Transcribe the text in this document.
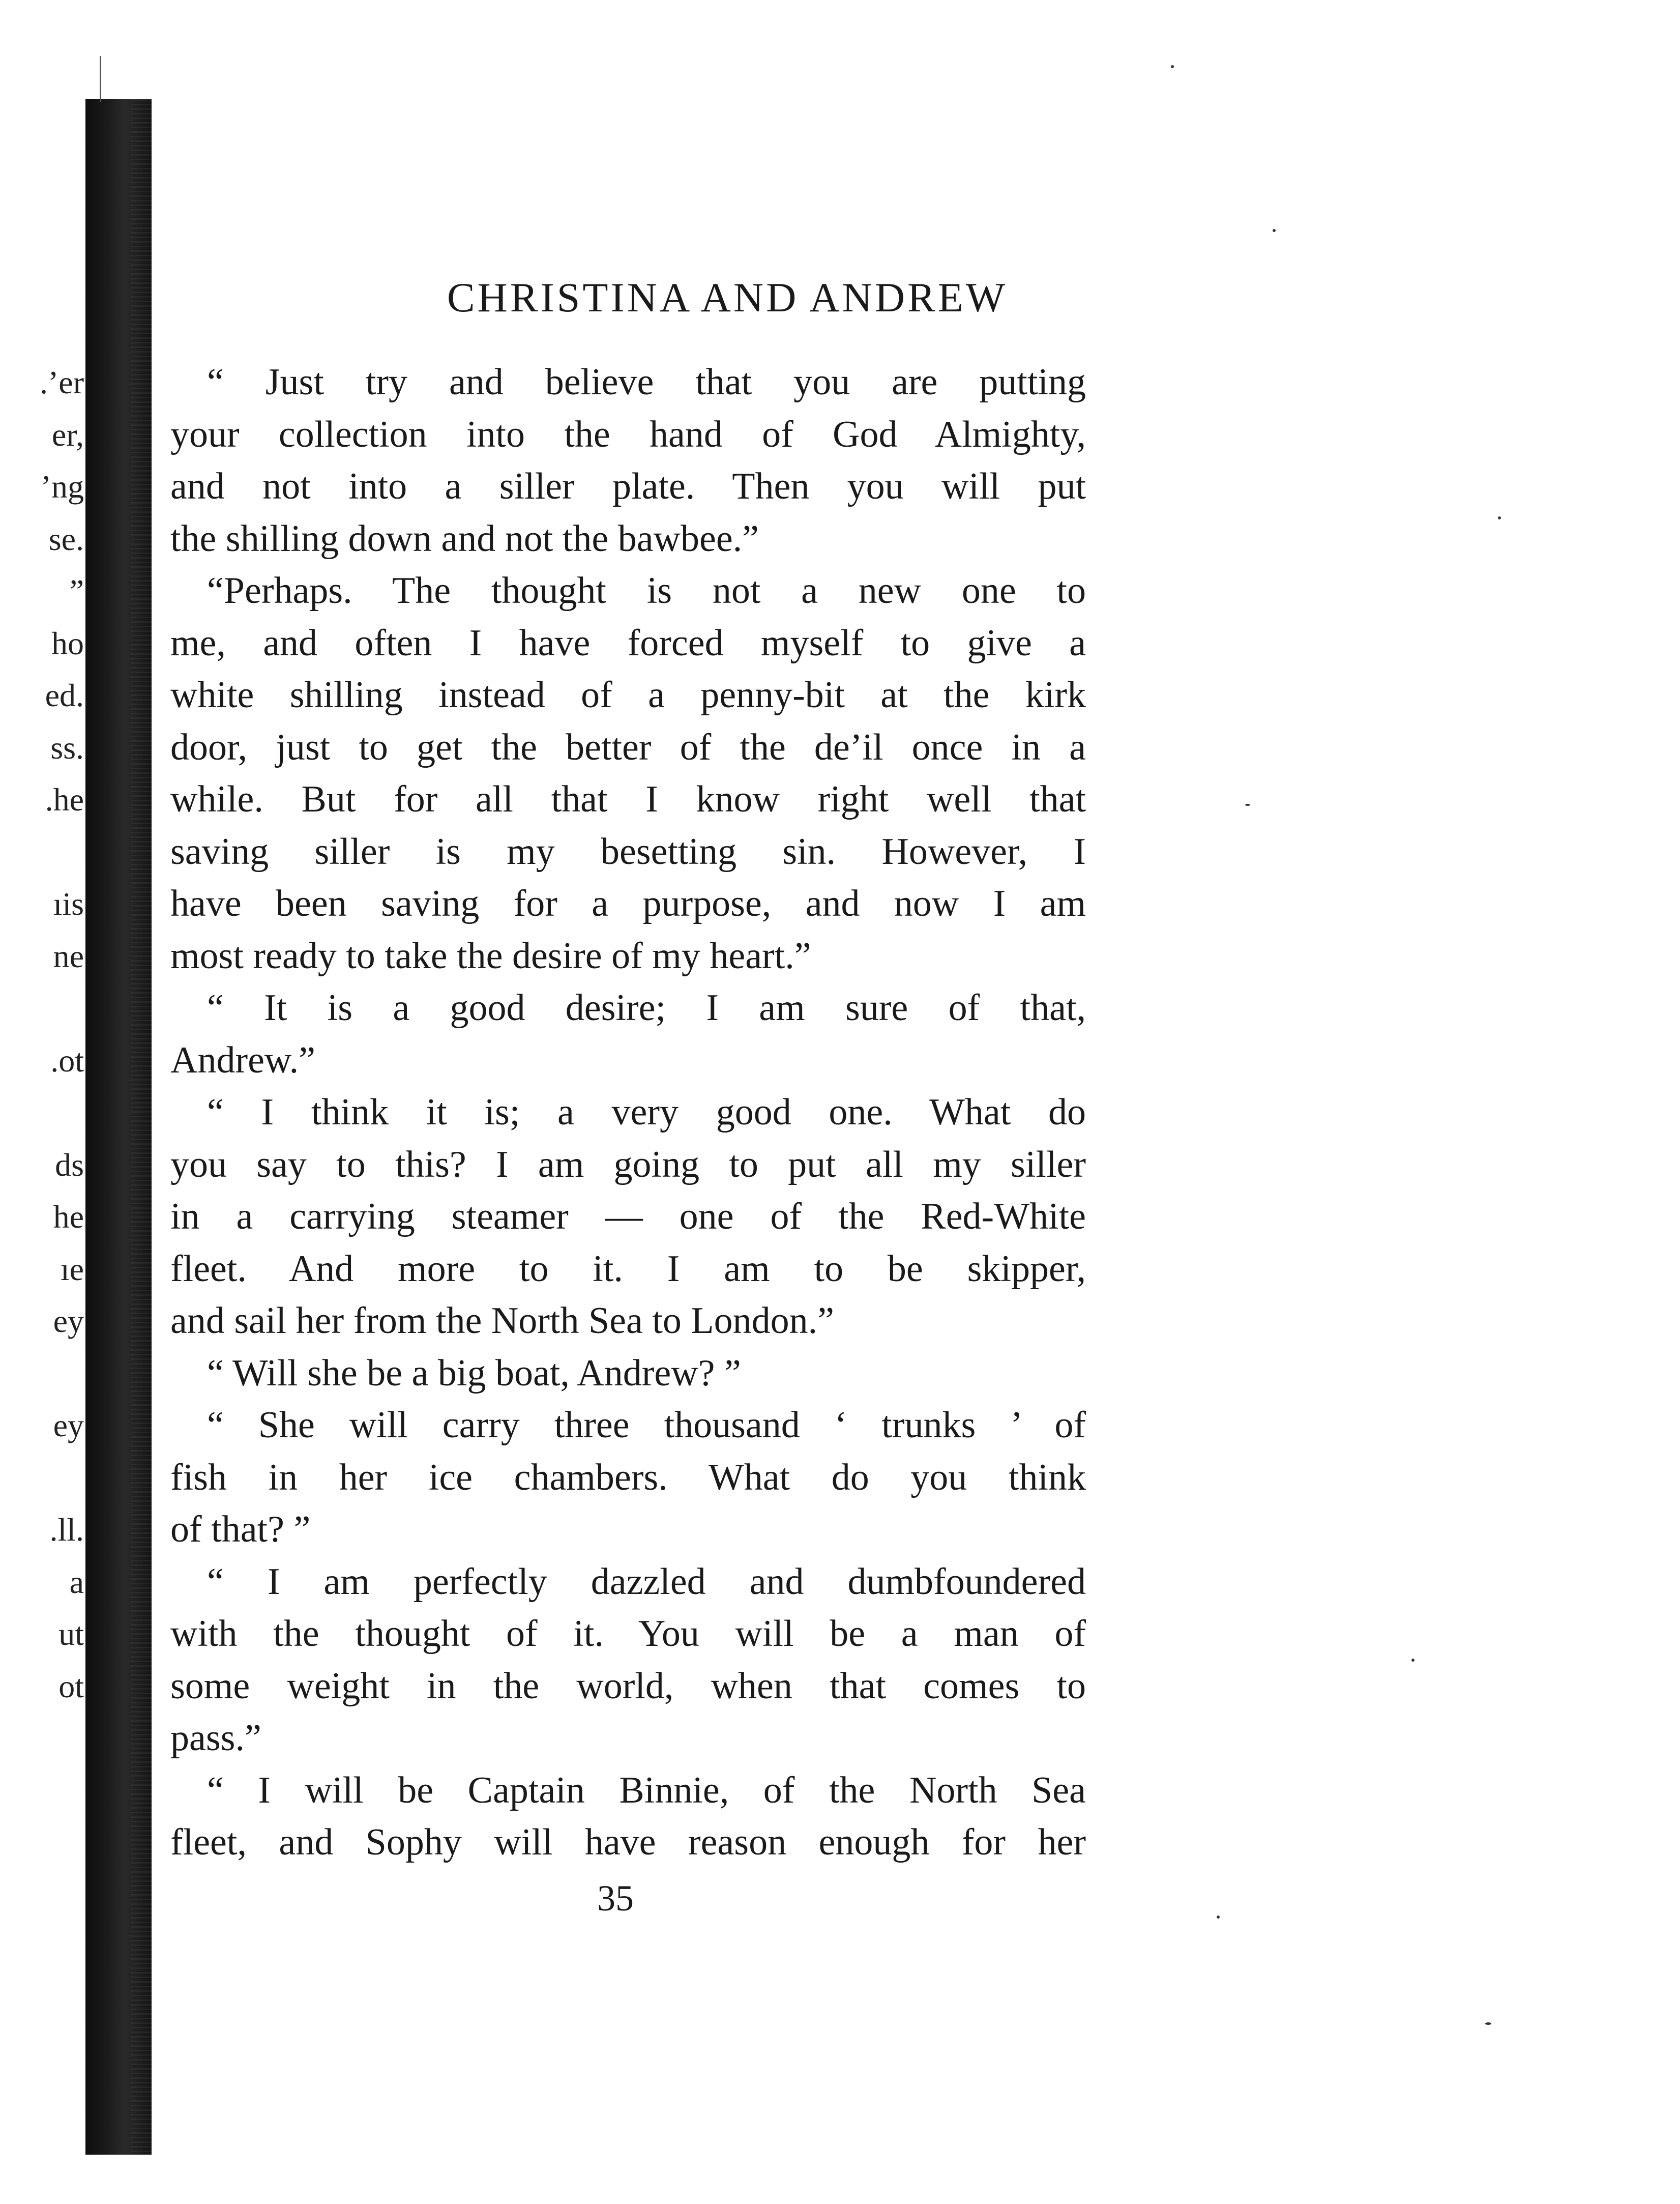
.’er
er,
’ng
se.
”
ho
ed.
ss.
.he
ıis
ne
.ot
ds
he
ıe
ey
ey
.ll.
a
ut
ot
CHRISTINA AND ANDREW
“ Just try and believe that you are putting
your collection into the hand of God Almighty,
and not into a siller plate. Then you will put
the shilling down and not the bawbee.”
“Perhaps. The thought is not a new one to
me, and often I have forced myself to give a
white shilling instead of a penny-bit at the kirk
door, just to get the better of the de’il once in a
while. But for all that I know right well that
saving siller is my besetting sin. However, I
have been saving for a purpose, and now I am
most ready to take the desire of my heart.”
“ It is a good desire; I am sure of that,
Andrew.”
“ I think it is; a very good one. What do
you say to this? I am going to put all my siller
in a carrying steamer — one of the Red-White
fleet. And more to it. I am to be skipper,
and sail her from the North Sea to London.”
“ Will she be a big boat, Andrew? ”
“ She will carry three thousand ‘ trunks ’ of
fish in her ice chambers. What do you think
of that? ”
“ I am perfectly dazzled and dumbfoundered
with the thought of it. You will be a man of
some weight in the world, when that comes to
pass.”
“ I will be Captain Binnie, of the North Sea
fleet, and Sophy will have reason enough for her
35
